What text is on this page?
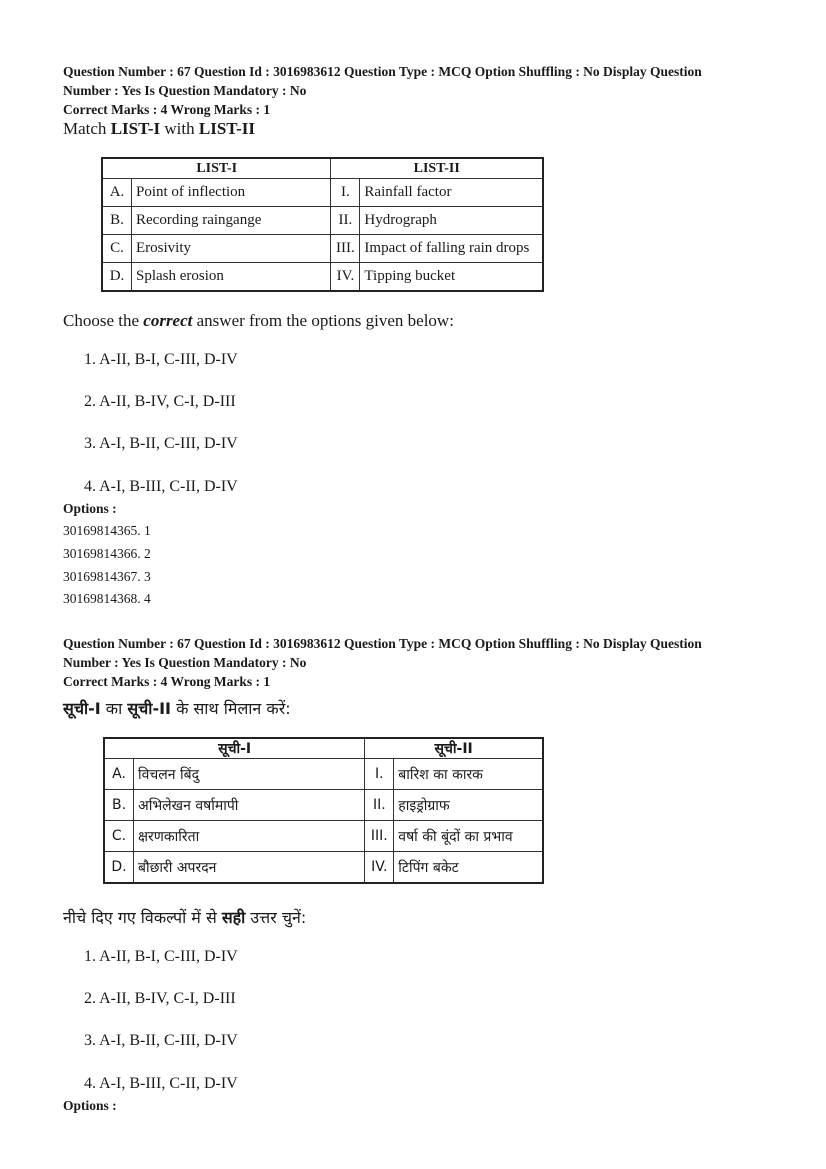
Question Number : 67 Question Id : 3016983612 Question Type : MCQ Option Shuffling : No Display Question
Number : Yes Is Question Mandatory : No
Correct Marks : 4 Wrong Marks : 1
Match LIST-I with LIST-II
LIST-I		LIST-II	
A.	Point of inflection	I.	Rainfall factor
B.	Recording raingange	II.	Hydrograph
C.	Erosivity	III.	Impact of falling rain drops
D.	Splash erosion	IV.	Tipping bucket
Choose the correct answer from the options given below:
1. A-II, B-I, C-III, D-IV
2. A-II, B-IV, C-I, D-III
3. A-I, B-II, C-III, D-IV
4. A-I, B-III, C-II, D-IV
Options :
30169814365. 1
30169814366. 2
30169814367. 3
30169814368. 4
Question Number : 67 Question Id : 3016983612 Question Type : MCQ Option Shuffling : No Display Question
Number : Yes Is Question Mandatory : No
Correct Marks : 4 Wrong Marks : 1
सूची-I का सूची-II के साथ मिलान करें:
सूची-I		सूची-II	
A.	विचलन बिंदु	I.	बारिश का कारक
B.	अभिलेखन वर्षामापी	II.	हाइड्रोग्राफ
C.	क्षरणकारिता	III.	वर्षा की बूंदों का प्रभाव
D.	बौछारी अपरदन	IV.	टिपिंग बकेट
नीचे दिए गए विकल्पों में से सही उत्तर चुनें:
1. A-II, B-I, C-III, D-IV
2. A-II, B-IV, C-I, D-III
3. A-I, B-II, C-III, D-IV
4. A-I, B-III, C-II, D-IV
Options :
